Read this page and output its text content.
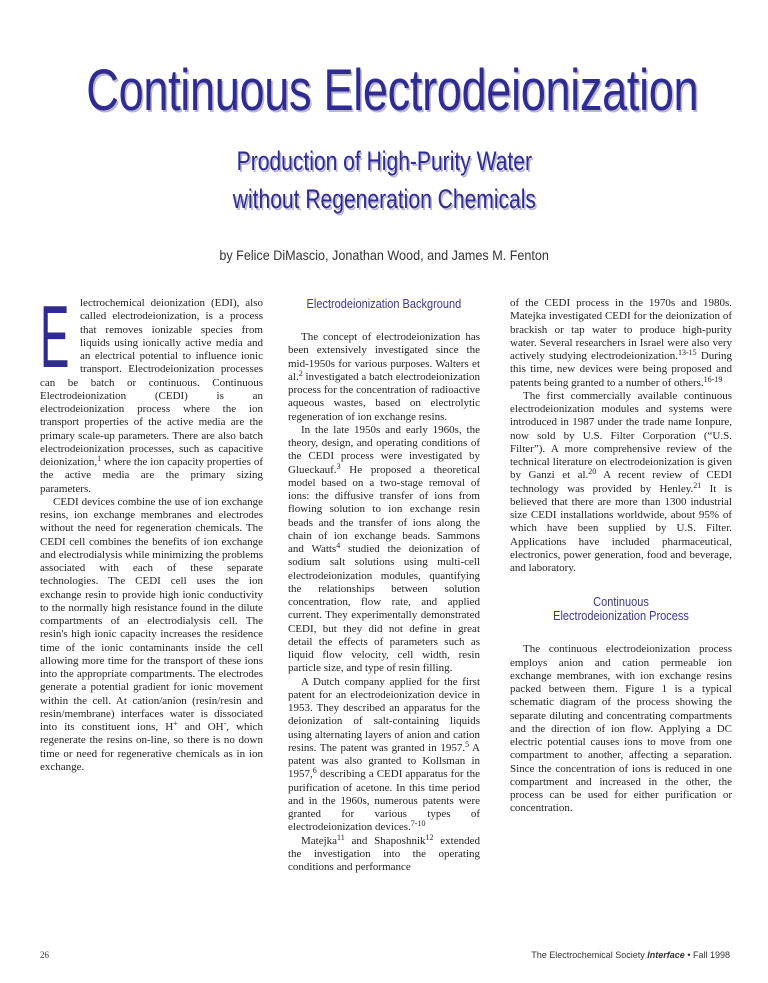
Continuous Electrodeionization
Production of High-Purity Water
without Regeneration Chemicals
by Felice DiMascio, Jonathan Wood, and James M. Fenton
E lectrochemical deionization (EDI), also called electrodeionization, is a process that removes ionizable species from liquids using ionically active media and an electrical potential to influence ionic transport. Electrodeionization processes can be batch or continuous. Continuous Electrodeionization (CEDI) is an electrodeionization process where the ion transport properties of the active media are the primary scale-up parameters. There are also batch electrodeionization processes, such as capacitive deionization,$^1$ where the ion capacity properties of the active media are the primary sizing parameters.

CEDI devices combine the use of ion exchange resins, ion exchange membranes and electrodes without the need for regeneration chemicals. The CEDI cell combines the benefits of ion exchange and electrodialysis while minimizing the problems associated with each of these separate technologies. The CEDI cell uses the ion exchange resin to provide high ionic conductivity to the normally high resistance found in the dilute compartments of an electrodialysis cell. The resin's high ionic capacity increases the residence time of the ionic contaminants inside the cell allowing more time for the transport of these ions into the appropriate compartments. The electrodes generate a potential gradient for ionic movement within the cell. At cation/anion (resin/resin and resin/membrane) interfaces water is dissociated into its constituent ions, H+ and OH-, which regenerate the resins on-line, so there is no down time or need for regenerative chemicals as in ion exchange.

Electrodeionization Background

The concept of electrodeionization has been extensively investigated since the mid-1950s for various purposes. Walters et al.$^2$ investigated a batch electrodeionization process for the concentration of radioactive aqueous wastes, based on electrolytic regeneration of ion exchange resins.

In the late 1950s and early 1960s, the theory, design, and operating conditions of the CEDI process were investigated by Glueckauf.$^3$ He proposed a theoretical model based on a two-stage removal of ions: the diffusive transfer of ions from flowing solution to ion exchange resin beads and the transfer of ions along the chain of ion exchange beads. Sammons and Watts$^4$ studied the deionization of sodium salt solutions using multi-cell electrodeionization modules, quantifying the relationships between solution concentration, flow rate, and applied current. They experimentally demonstrated CEDI, but they did not define in great detail the effects of parameters such as liquid flow velocity, cell width, resin particle size, and type of resin filling.

A Dutch company applied for the first patent for an electrodeionization device in 1953. They described an apparatus for the deionization of salt-containing liquids using alternating layers of anion and cation resins. The patent was granted in 1957.$^5$ A patent was also granted to Kollsman in 1957,$^6$ describing a CEDI apparatus for the purification of acetone. In this time period and in the 1960s, numerous patents were granted for various types of electrodeionization devices.$^{7-10}$

Matejka$^{11}$ and Shaposhnik$^{12}$ extended the investigation into the operating conditions and performance

of the CEDI process in the 1970s and 1980s. Matejka investigated CEDI for the deionization of brackish or tap water to produce high-purity water. Several researchers in Israel were also very actively studying electrodeionization.$^{13-15}$ During this time, new devices were being proposed and patents being granted to a number of others.$^{16-19}$

The first commercially available continuous electrodeionization modules and systems were introduced in 1987 under the trade name Ionpure, now sold by U.S. Filter Corporation (“U.S. Filter”). A more comprehensive review of the technical literature on electrodeionization is given by Ganzi et al.$^{20}$ A recent review of CEDI technology was provided by Henley.$^{21}$ It is believed that there are more than 1300 industrial size CEDI installations worldwide, about 95% of which have been supplied by U.S. Filter. Applications have included pharmaceutical, electronics, power generation, food and beverage, and laboratory.

Continuous Electrodeionization Process

The continuous electrodeionization process employs anion and cation permeable ion exchange membranes, with ion exchange resins packed between them. Figure 1 is a typical schematic diagram of the process showing the separate diluting and concentrating compartments and the direction of ion flow. Applying a DC electric potential causes ions to move from one compartment to another, affecting a separation. Since the concentration of ions is reduced in one compartment and increased in the other, the process can be used for either purification or concentration.

26	The Electrochemical Society Interface • Fall 1998
